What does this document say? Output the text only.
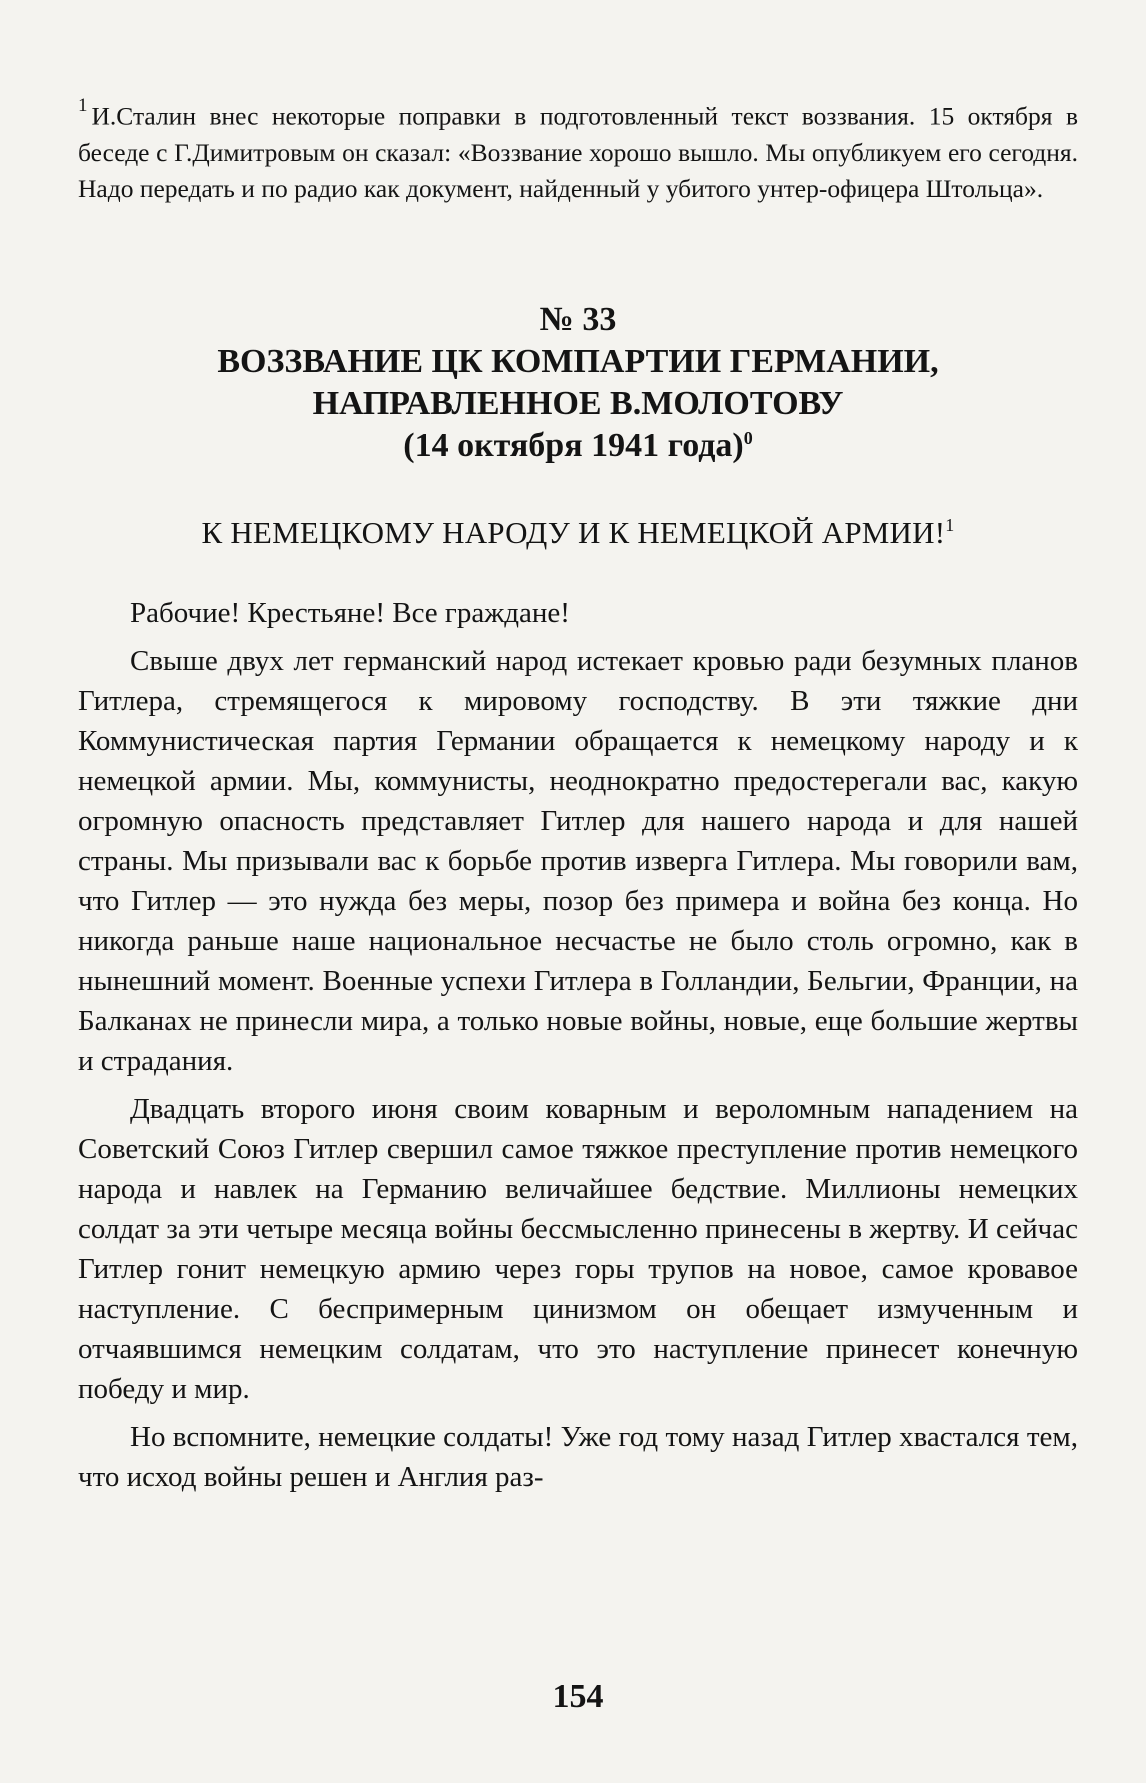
$^1$ И.Сталин внес некоторые поправки в подготовленный текст воззвания. 15 октября в беседе с Г.Димитровым он сказал: «Воззвание хорошо вышло. Мы опубликуем его сегодня. Надо передать и по радио как документ, найденный у убитого унтер-офицера Штольца».

№ 33
ВОЗЗВАНИЕ ЦК КОМПАРТИИ ГЕРМАНИИ,
НАПРАВЛЕННОЕ В.МОЛОТОВУ
(14 октября 1941 года)$^0$
К НЕМЕЦКОМУ НАРОДУ И К НЕМЕЦКОЙ АРМИИ!$^1$

Рабочие! Крестьяне! Все граждане!

Свыше двух лет германский народ истекает кровью ради безумных планов Гитлера, стремящегося к мировому господству. В эти тяжкие дни Коммунистическая партия Германии обращается к немецкому народу и к немецкой армии. Мы, коммунисты, неоднократно предостерегали вас, какую огромную опасность представляет Гитлер для нашего народа и для нашей страны. Мы призывали вас к борьбе против изверга Гитлера. Мы говорили вам, что Гитлер — это нужда без меры, позор без примера и война без конца. Но никогда раньше наше национальное несчастье не было столь огромно, как в нынешний момент. Военные успехи Гитлера в Голландии, Бельгии, Франции, на Балканах не принесли мира, а только новые войны, новые, еще большие жертвы и страдания.

Двадцать второго июня своим коварным и вероломным нападением на Советский Союз Гитлер свершил самое тяжкое преступление против немецкого народа и навлек на Германию величайшее бедствие. Миллионы немецких солдат за эти четыре месяца войны бессмысленно принесены в жертву. И сейчас Гитлер гонит немецкую армию через горы трупов на новое, самое кровавое наступление. С беспримерным цинизмом он обещает измученным и отчаявшимся немецким солдатам, что это наступление принесет конечную победу и мир.

Но вспомните, немецкие солдаты! Уже год тому назад Гитлер хвастался тем, что исход войны решен и Англия раз-

154
